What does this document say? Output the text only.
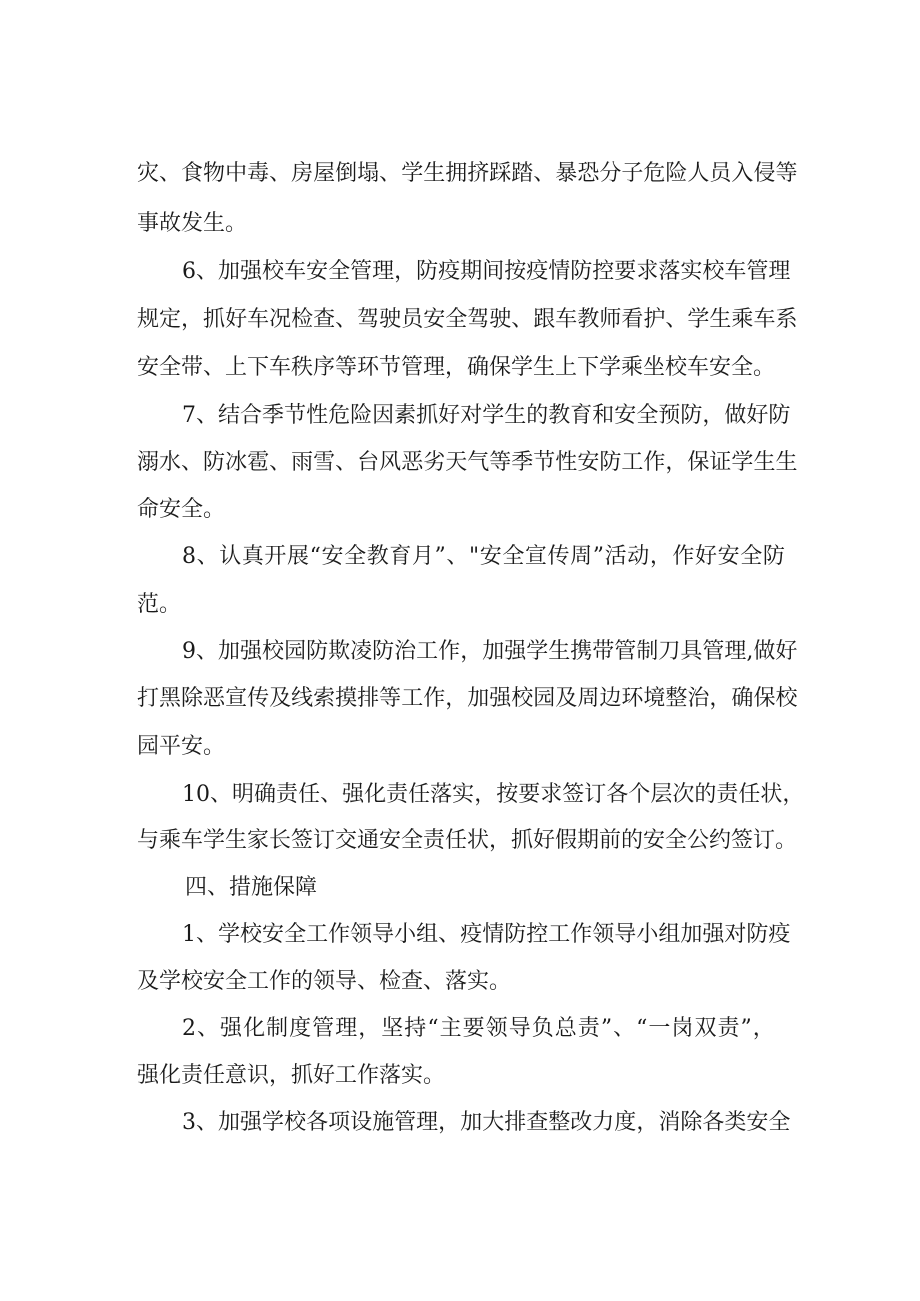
灾 、 食 物 中 毒 、 房 屋 倒 塌 、 学 生 拥 挤 踩 踏 、 暴 恐 分 子 危 险 人 员 入 侵 等
事故发生。
6 、 加 强 校 车 安 全 管 理 ， 防 疫 期 间 按 疫 情 防 控 要 求 落 实 校 车 管 理
规 定 ， 抓 好 车 况 检 查 、 驾 驶 员 安 全 驾 驶 、 跟 车 教 师 看 护 、 学 生 乘 车 系
安全带、上下车秩序等环节管理，确保学生上下学乘坐校车安全。
7 、 结 合 季 节 性 危 险 因 素 抓 好 对 学 生 的 教 育 和 安 全 预 防 ， 做 好 防
溺 水 、 防 冰 雹 、 雨 雪 、 台 风 恶 劣 天 气 等 季 节 性 安 防 工 作 ， 保 证 学 生 生
命安全。
8 、 认 真 开 展 “ 安 全 教 育 月 ” 、 " 安 全 宣 传 周 ” 活 动 ， 作 好 安 全 防
范。
9 、 加 强 校 园 防 欺 凌 防 治 工 作 ， 加 强 学 生 携 带 管 制 刀 具 管 理 , 做 好
打 黑 除 恶 宣 传 及 线 索 摸 排 等 工 作 ， 加 强 校 园 及 周 边 环 境 整 治 ， 确 保 校
园平安。
1 0 、 明 确 责 任 、 强 化 责 任 落 实 ， 按 要 求 签 订 各 个 层 次 的 责 任 状 ，
与乘车学生家长签订交通安全责任状，抓好假期前的安全公约签订。
四、措施保障
1 、 学 校 安 全 工 作 领 导 小 组 、 疫 情 防 控 工 作 领 导 小 组 加 强 对 防 疫
及学校安全工作的领导、检查、落实。
2 、 强 化 制 度 管 理 ， 坚 持 “ 主 要 领 导 负 总 责 ” 、 “ 一 岗 双 责 ” ，
强化责任意识，抓好工作落实。
3 、 加 强 学 校 各 项 设 施 管 理 ， 加 大 排 查 整 改 力 度 ， 消 除 各 类 安 全
